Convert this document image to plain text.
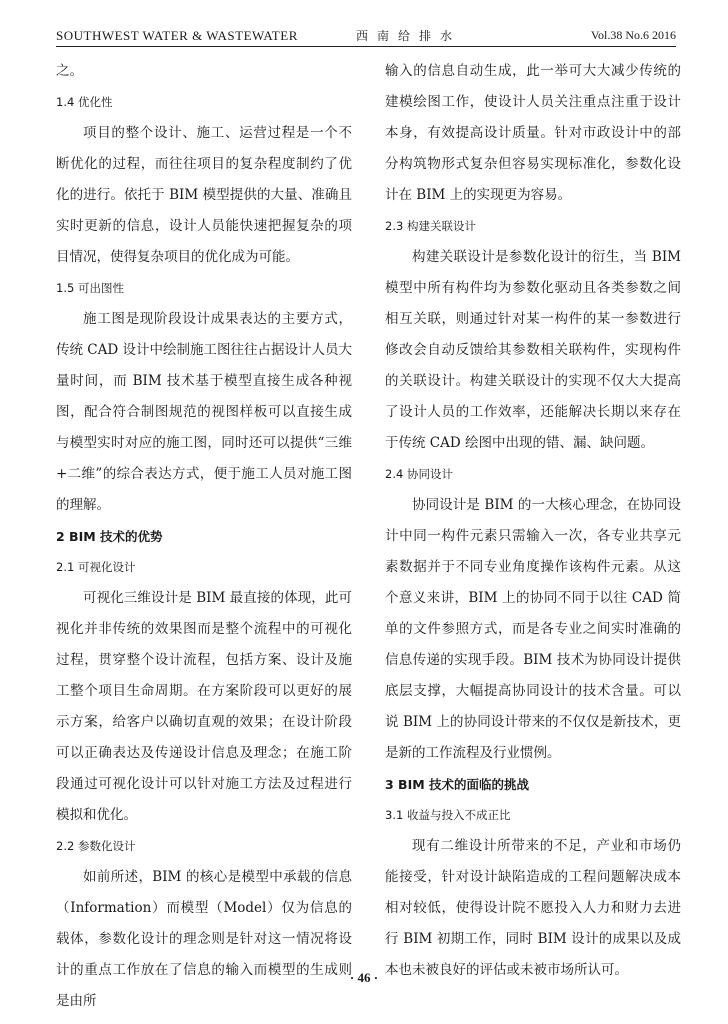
SOUTHWEST WATER & WASTEWATER	西南给排水	Vol.38 No.6 2016

之。

1.4 优化性

项目的整个设计、施工、运营过程是一个不断优化的过程，而往往项目的复杂程度制约了优化的进行。依托于 BIM 模型提供的大量、准确且实时更新的信息，设计人员能快速把握复杂的项目情况，使得复杂项目的优化成为可能。

1.5 可出图性

施工图是现阶段设计成果表达的主要方式，传统 CAD 设计中绘制施工图往往占据设计人员大量时间，而 BIM 技术基于模型直接生成各种视图，配合符合制图规范的视图样板可以直接生成与模型实时对应的施工图，同时还可以提供“三维+二维”的综合表达方式，便于施工人员对施工图的理解。

2 BIM 技术的优势
2.1 可视化设计

可视化三维设计是 BIM 最直接的体现，此可视化并非传统的效果图而是整个流程中的可视化过程，贯穿整个设计流程，包括方案、设计及施工整个项目生命周期。在方案阶段可以更好的展示方案，给客户以确切直观的效果；在设计阶段可以正确表达及传递设计信息及理念；在施工阶段通过可视化设计可以针对施工方法及过程进行模拟和优化。

2.2 参数化设计

如前所述，BIM 的核心是模型中承载的信息（Information）而模型（Model）仅为信息的载体，参数化设计的理念则是针对这一情况将设计的重点工作放在了信息的输入而模型的生成则是由所

输入的信息自动生成，此一举可大大减少传统的建模绘图工作，使设计人员关注重点注重于设计本身，有效提高设计质量。针对市政设计中的部分构筑物形式复杂但容易实现标准化，参数化设计在 BIM 上的实现更为容易。

2.3 构建关联设计

构建关联设计是参数化设计的衍生，当 BIM 模型中所有构件均为参数化驱动且各类参数之间相互关联，则通过针对某一构件的某一参数进行修改会自动反馈给其参数相关联构件，实现构件的关联设计。构建关联设计的实现不仅大大提高了设计人员的工作效率，还能解决长期以来存在于传统 CAD 绘图中出现的错、漏、缺问题。

2.4 协同设计

协同设计是 BIM 的一大核心理念，在协同设计中同一构件元素只需输入一次，各专业共享元素数据并于不同专业角度操作该构件元素。从这个意义来讲，BIM 上的协同不同于以往 CAD 简单的文件参照方式，而是各专业之间实时准确的信息传递的实现手段。BIM 技术为协同设计提供底层支撑，大幅提高协同设计的技术含量。可以说 BIM 上的协同设计带来的不仅仅是新技术，更是新的工作流程及行业惯例。

3 BIM 技术的面临的挑战
3.1 收益与投入不成正比

现有二维设计所带来的不足，产业和市场仍能接受，针对设计缺陷造成的工程问题解决成本相对较低，使得设计院不愿投入人力和财力去进行 BIM 初期工作，同时 BIM 设计的成果以及成本也未被良好的评估或未被市场所认可。

· 46 ·
